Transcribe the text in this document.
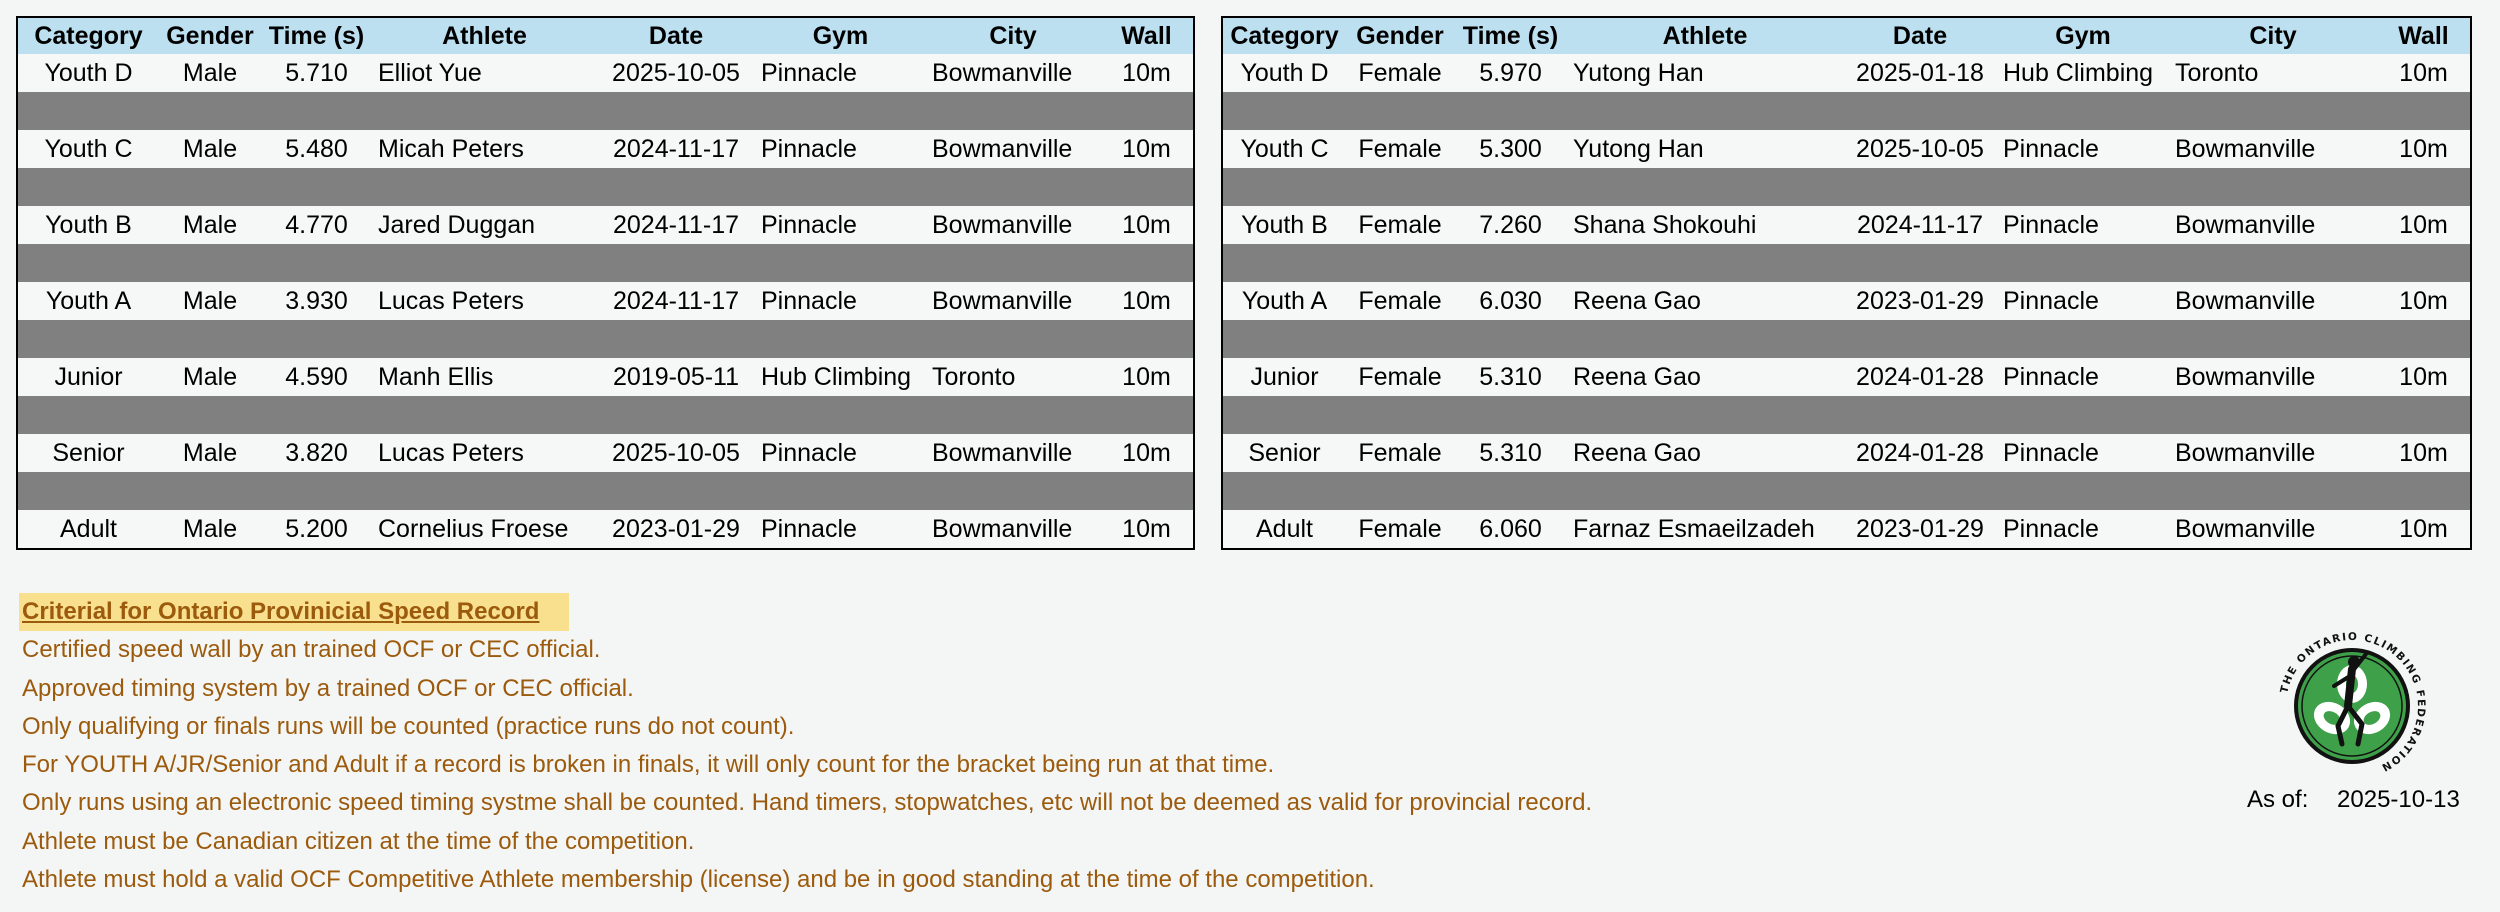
Category	Gender	Time (s)	Athlete	Date	Gym	City	Wall
Youth D	Male	5.710	Elliot Yue	2025-10-05	Pinnacle	Bowmanville	10m

Youth C	Male	5.480	Micah Peters	2024-11-17	Pinnacle	Bowmanville	10m

Youth B	Male	4.770	Jared Duggan	2024-11-17	Pinnacle	Bowmanville	10m

Youth A	Male	3.930	Lucas Peters	2024-11-17	Pinnacle	Bowmanville	10m

Junior	Male	4.590	Manh Ellis	2019-05-11	Hub Climbing	Toronto	10m

Senior	Male	3.820	Lucas Peters	2025-10-05	Pinnacle	Bowmanville	10m

Adult	Male	5.200	Cornelius Froese	2023-01-29	Pinnacle	Bowmanville	10m
Category	Gender	Time (s)	Athlete	Date	Gym	City	Wall
Youth D	Female	5.970	Yutong Han	2025-01-18	Hub Climbing	Toronto	10m

Youth C	Female	5.300	Yutong Han	2025-10-05	Pinnacle	Bowmanville	10m

Youth B	Female	7.260	Shana Shokouhi	2024-11-17	Pinnacle	Bowmanville	10m

Youth A	Female	6.030	Reena Gao	2023-01-29	Pinnacle	Bowmanville	10m

Junior	Female	5.310	Reena Gao	2024-01-28	Pinnacle	Bowmanville	10m

Senior	Female	5.310	Reena Gao	2024-01-28	Pinnacle	Bowmanville	10m

Adult	Female	6.060	Farnaz Esmaeilzadeh	2023-01-29	Pinnacle	Bowmanville	10m
Criterial for Ontario Provinicial Speed Record
Certified speed wall by an trained OCF or CEC official.
Approved timing system by a trained OCF or CEC official.
Only qualifying or finals runs will be counted (practice runs do not count).
For YOUTH A/JR/Senior and Adult if a record is broken in finals, it will only count for the bracket being run at that time.
Only runs using an electronic speed timing systme shall be counted. Hand timers, stopwatches, etc will not be deemed as valid for provincial record.
Athlete must be Canadian citizen at the time of the competition.
Athlete must hold a valid OCF Competitive Athlete membership (license) and be in good standing at the time of the competition.
THE ONTARIO CLIMBING FEDERATION
As of: 2025-10-13
